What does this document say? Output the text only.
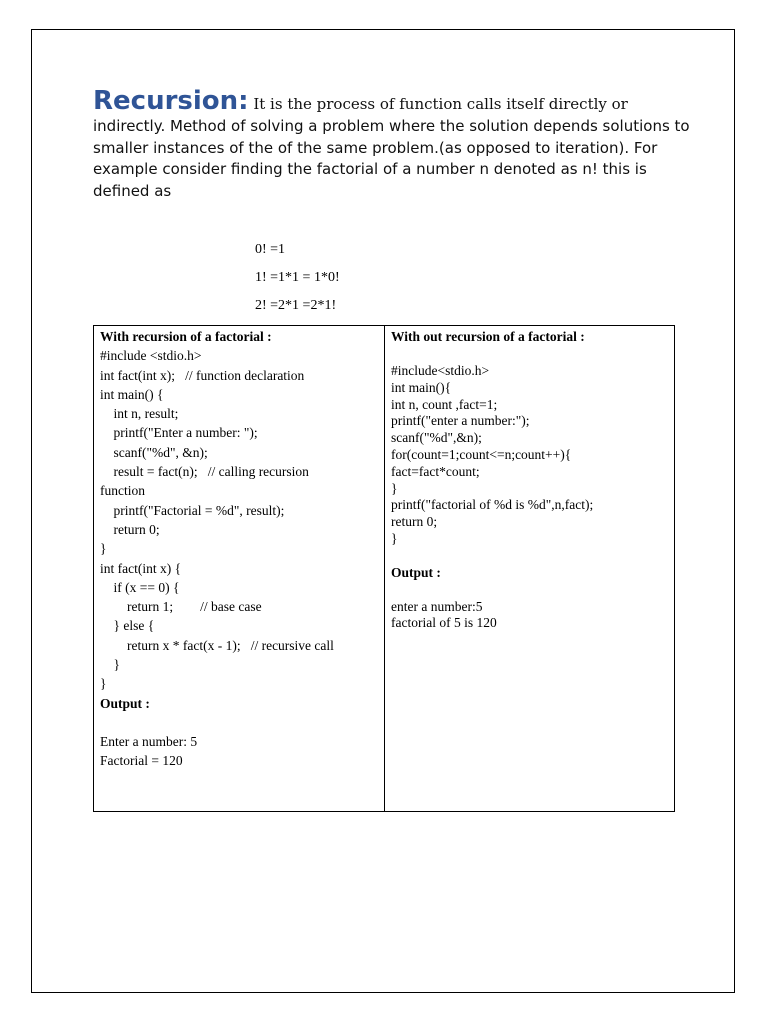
Recursion: It is the process of function calls itself directly or indirectly. Method of solving a problem where the solution depends solutions to smaller instances of the of the same problem.(as opposed to iteration). For example consider finding the factorial of a number n denoted as n! this is defined as
0! =1
1! =1*1 = 1*0!
2! =2*1 =2*1!
With recursion of a factorial :
#include <stdio.h>
int fact(int x);   // function declaration
int main() {
int n, result;
printf("Enter a number: ");
scanf("%d", &n);
result = fact(n);   // calling recursion
function
printf("Factorial = %d", result);
return 0;
}
int fact(int x) {
if (x == 0) {
return 1;        // base case
} else {
return x * fact(x - 1);   // recursive call
}
}
Output :
Enter a number: 5
Factorial = 120
With out recursion of a factorial :
#include<stdio.h>
int main(){
int n, count ,fact=1;
printf("enter a number:");
scanf("%d",&n);
for(count=1;count<=n;count++){
fact=fact*count;
}
printf("factorial of %d is %d",n,fact);
return 0;
}
Output :
enter a number:5
factorial of 5 is 120
